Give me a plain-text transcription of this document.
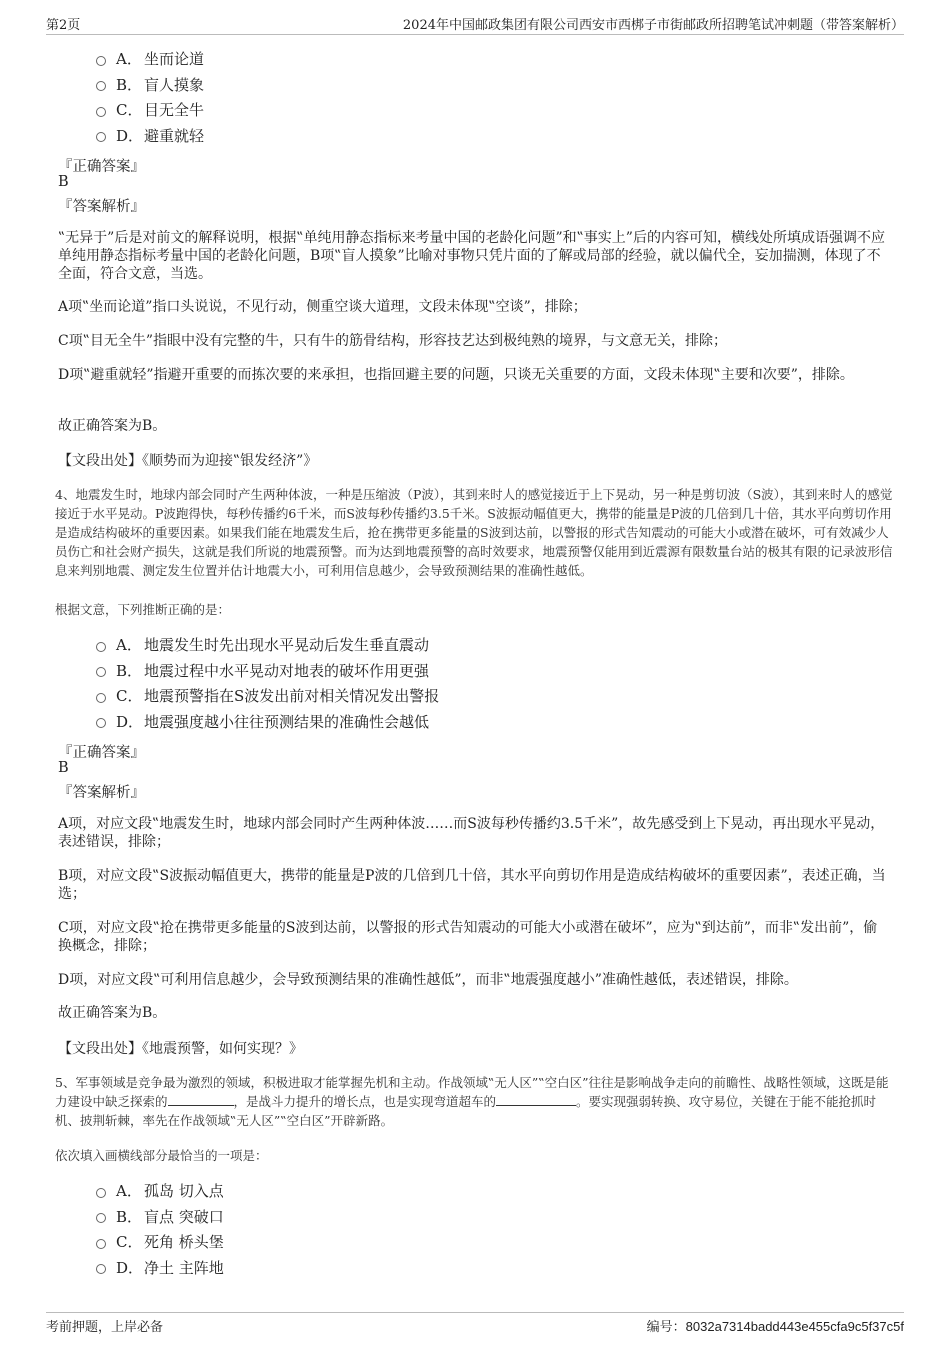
第2页	2024年中国邮政集团有限公司西安市西梆子市街邮政所招聘笔试冲刺题（带答案解析）
A． 坐而论道
B． 盲人摸象
C． 目无全牛
D． 避重就轻
『正确答案』
B
『答案解析』
‟无异于”后是对前文的解释说明，根据‟单纯用静态指标来考量中国的老龄化问题”和‟事实上”后的内容可知，横线处所填成语强调不应单纯用静态指标考量中国的老龄化问题，B项‟盲人摸象”比喻对事物只凭片面的了解或局部的经验，就以偏代全，妄加揣测，体现了不全面，符合文意，当选。
A项‟坐而论道”指口头说说，不见行动，侧重空谈大道理，文段未体现‟空谈”，排除；
C项‟目无全牛”指眼中没有完整的牛，只有牛的筋骨结构，形容技艺达到极纯熟的境界，与文意无关，排除；
D项‟避重就轻”指避开重要的而拣次要的来承担，也指回避主要的问题，只谈无关重要的方面，文段未体现‟主要和次要”，排除。
故正确答案为B。
【文段出处】《顺势而为迎接‟银发经济”》
4、地震发生时，地球内部会同时产生两种体波，一种是压缩波（P波），其到来时人的感觉接近于上下晃动，另一种是剪切波（S波），其到来时人的感觉接近于水平晃动。P波跑得快，每秒传播约6千米，而S波每秒传播约3.5千米。S波振动幅值更大，携带的能量是P波的几倍到几十倍，其水平向剪切作用是造成结构破坏的重要因素。如果我们能在地震发生后，抢在携带更多能量的S波到达前，以警报的形式告知震动的可能大小或潜在破坏，可有效减少人员伤亡和社会财产损失，这就是我们所说的地震预警。而为达到地震预警的高时效要求，地震预警仅能用到近震源有限数量台站的极其有限的记录波形信息来判别地震、测定发生位置并估计地震大小，可利用信息越少，会导致预测结果的准确性越低。
根据文意，下列推断正确的是：
A． 地震发生时先出现水平晃动后发生垂直震动
B． 地震过程中水平晃动对地表的破坏作用更强
C． 地震预警指在S波发出前对相关情况发出警报
D． 地震强度越小往往预测结果的准确性会越低
『正确答案』
B
『答案解析』
A项，对应文段‟地震发生时，地球内部会同时产生两种体波……而S波每秒传播约3.5千米”，故先感受到上下晃动，再出现水平晃动，表述错误，排除；
B项，对应文段‟S波振动幅值更大，携带的能量是P波的几倍到几十倍，其水平向剪切作用是造成结构破坏的重要因素”，表述正确，当选；
C项，对应文段‟抢在携带更多能量的S波到达前，以警报的形式告知震动的可能大小或潜在破坏”，应为‟到达前”，而非‟发出前”，偷换概念，排除；
D项，对应文段‟可利用信息越少，会导致预测结果的准确性越低”，而非‟地震强度越小”准确性越低，表述错误，排除。
故正确答案为B。
【文段出处】《地震预警，如何实现？》
5、军事领域是竞争最为激烈的领域，积极进取才能掌握先机和主动。作战领域‟无人区”‟空白区”往往是影响战争走向的前瞻性、战略性领域，这既是能力建设中缺乏探索的	，是战斗力提升的增长点，也是实现弯道超车的	。要实现强弱转换、攻守易位，关键在于能不能抢抓时机、披荆斩棘，率先在作战领域‟无人区”‟空白区”开辟新路。
依次填入画横线部分最恰当的一项是：
A． 孤岛 切入点
B． 盲点 突破口
C． 死角 桥头堡
D． 净土 主阵地
考前押题，上岸必备	编号：8032a7314badd443e455cfa9c5f37c5f
